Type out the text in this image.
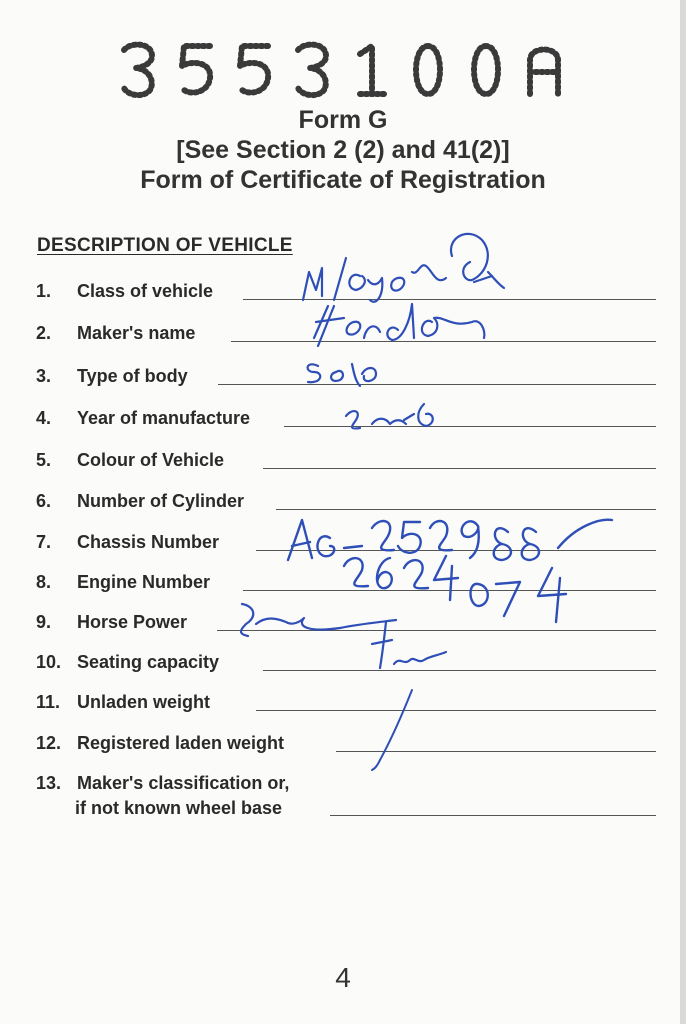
Form G
[See Section 2 (2) and 41(2)]
Form of Certificate of Registration
DESCRIPTION OF VEHICLE
1. Class of vehicle
2. Maker's name
3. Type of body
4. Year of manufacture
5. Colour of Vehicle
6. Number of Cylinder
7. Chassis Number
8. Engine Number
9. Horse Power
10. Seating capacity
11. Unladen weight
12. Registered laden weight
13. Maker's classification or,
if not known wheel base
4
